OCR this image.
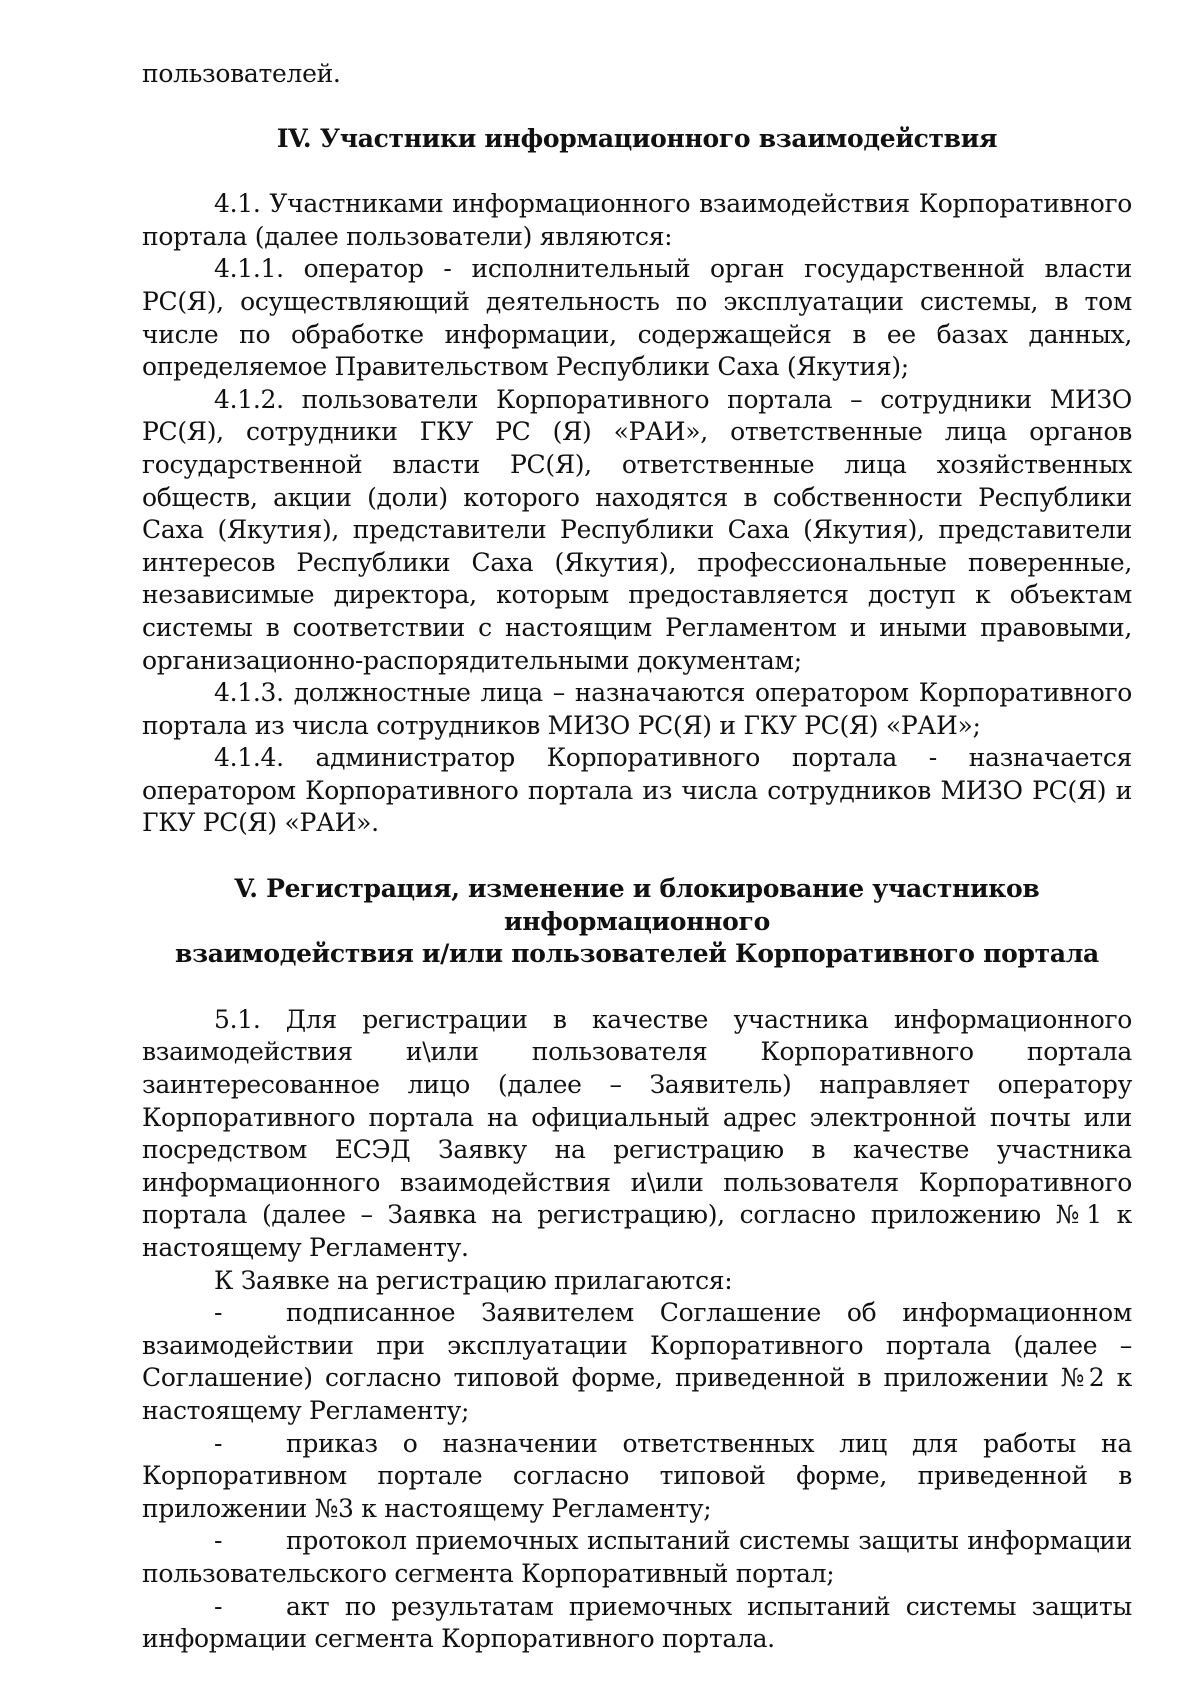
пользователей.

IV. Участники информационного взаимодействия

4.1. Участниками информационного взаимодействия Корпоративного портала (далее пользователи) являются:

4.1.1. оператор - исполнительный орган государственной власти РС(Я), осуществляющий деятельность по эксплуатации системы, в том числе по обработке информации, содержащейся в ее базах данных, определяемое Правительством Республики Саха (Якутия);

4.1.2. пользователи Корпоративного портала – сотрудники МИЗО РС(Я), сотрудники ГКУ РС (Я) «РАИ», ответственные лица органов государственной власти РС(Я), ответственные лица хозяйственных обществ, акции (доли) которого находятся в собственности Республики Саха (Якутия), представители Республики Саха (Якутия), представители интересов Республики Саха (Якутия), профессиональные поверенные, независимые директора, которым предоставляется доступ к объектам системы в соответствии с настоящим Регламентом и иными правовыми, организационно-распорядительными документам;

4.1.3. должностные лица – назначаются оператором Корпоративного портала из числа сотрудников МИЗО РС(Я) и ГКУ РС(Я) «РАИ»;

4.1.4. администратор Корпоративного портала - назначается оператором Корпоративного портала из числа сотрудников МИЗО РС(Я) и ГКУ РС(Я) «РАИ».

V. Регистрация, изменение и блокирование участников информационного
взаимодействия и/или пользователей Корпоративного портала

5.1. Для регистрации в качестве участника информационного взаимодействия и\или пользователя Корпоративного портала заинтересованное лицо (далее – Заявитель) направляет оператору Корпоративного портала на официальный адрес электронной почты или посредством ЕСЭД Заявку на регистрацию в качестве участника информационного взаимодействия и\или пользователя Корпоративного портала (далее – Заявка на регистрацию), согласно приложению №1 к настоящему Регламенту.

К Заявке на регистрацию прилагаются:

-	подписанное Заявителем Соглашение об информационном взаимодействии при эксплуатации Корпоративного портала (далее – Соглашение) согласно типовой форме, приведенной в приложении №2 к настоящему Регламенту;

-	приказ о назначении ответственных лиц для работы на Корпоративном портале согласно типовой форме, приведенной в приложении №3 к настоящему Регламенту;

-	протокол приемочных испытаний системы защиты информации пользовательского сегмента Корпоративный портал;

-	акт по результатам приемочных испытаний системы защиты информации сегмента Корпоративного портала.
